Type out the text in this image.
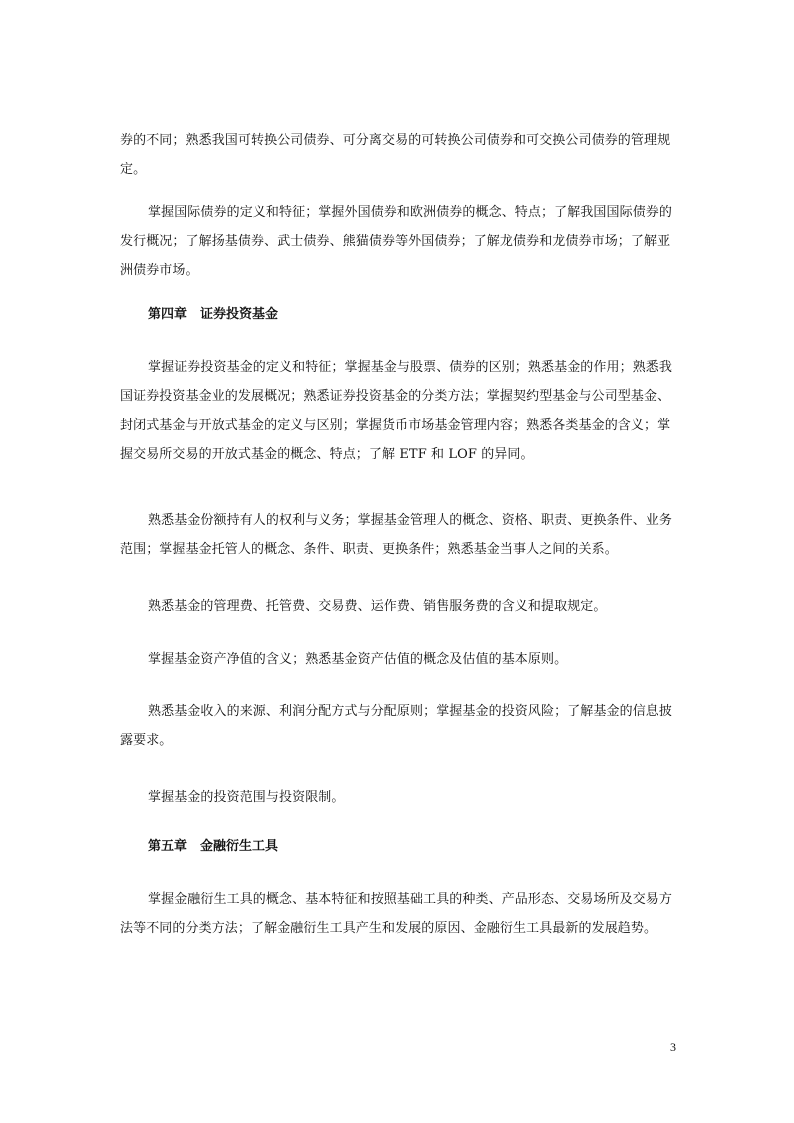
券的不同；熟悉我国可转换公司债券、可分离交易的可转换公司债券和可交换公司债券的管理规
定。
掌握国际债券的定义和特征；掌握外国债券和欧洲债券的概念、特点；了解我国国际债券的
发行概况；了解扬基债券、武士债券、熊猫债券等外国债券；了解龙债券和龙债券市场；了解亚
洲债券市场。
第四章　证券投资基金
掌握证券投资基金的定义和特征；掌握基金与股票、债券的区别；熟悉基金的作用；熟悉我
国证券投资基金业的发展概况；熟悉证券投资基金的分类方法；掌握契约型基金与公司型基金、
封闭式基金与开放式基金的定义与区别；掌握货币市场基金管理内容；熟悉各类基金的含义；掌
握交易所交易的开放式基金的概念、特点；了解 ETF 和 LOF 的异同。
熟悉基金份额持有人的权利与义务；掌握基金管理人的概念、资格、职责、更换条件、业务
范围；掌握基金托管人的概念、条件、职责、更换条件；熟悉基金当事人之间的关系。
熟悉基金的管理费、托管费、交易费、运作费、销售服务费的含义和提取规定。
掌握基金资产净值的含义；熟悉基金资产估值的概念及估值的基本原则。
熟悉基金收入的来源、利润分配方式与分配原则；掌握基金的投资风险；了解基金的信息披
露要求。
掌握基金的投资范围与投资限制。
第五章　金融衍生工具
掌握金融衍生工具的概念、基本特征和按照基础工具的种类、产品形态、交易场所及交易方
法等不同的分类方法；了解金融衍生工具产生和发展的原因、金融衍生工具最新的发展趋势。
3
